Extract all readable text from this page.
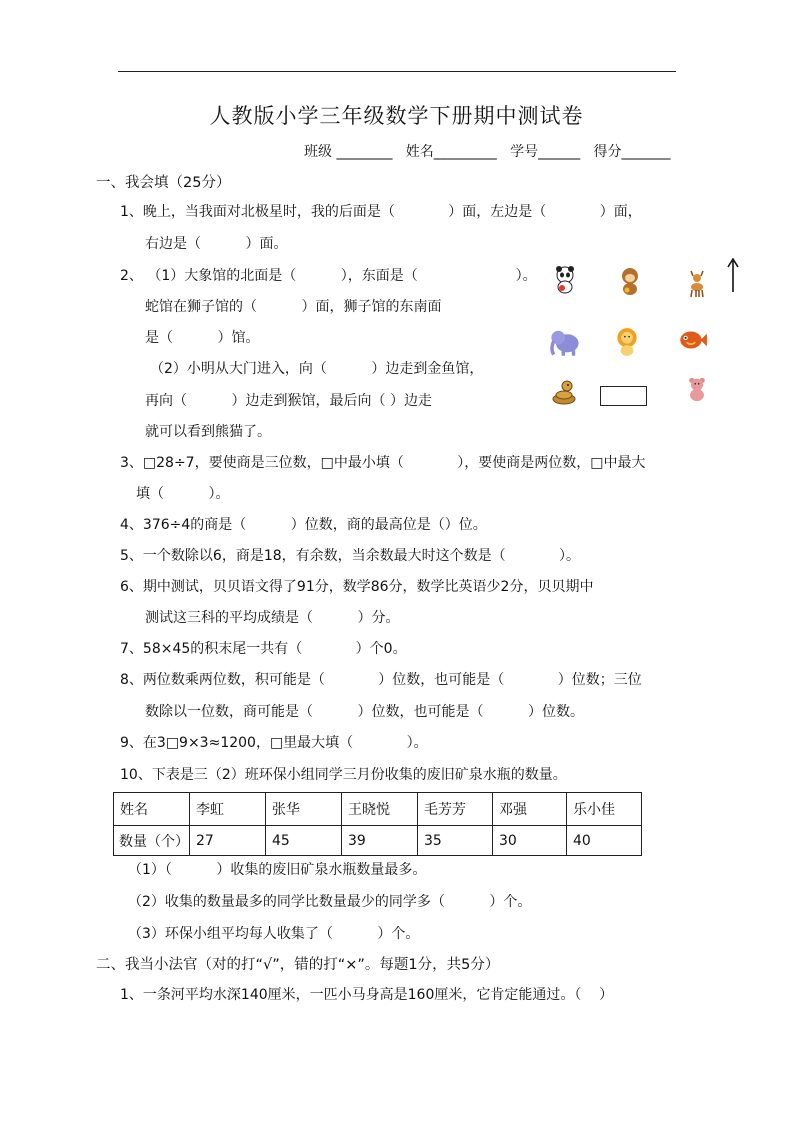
人教版小学三年级数学下册期中测试卷
班级 ________   姓名_________   学号______   得分_______
一、我会填（25分）
1、晚上，当我面对北极星时，我的后面是（            ）面，左边是（            ）面，
右边是（          ）面。
2、 （1）大象馆的北面是（          ），东面是（                      ）。
蛇馆在狮子馆的（          ）面，狮子馆的东南面
是（          ）馆。
（2）小明从大门进入，向（          ）边走到金鱼馆，
再向（          ）边走到猴馆，最后向（ ）边走
就可以看到熊猫了。
3、□28÷7，要使商是三位数，□中最小填（            ），要使商是两位数，□中最大
填（          ）。
4、376÷4的商是（          ）位数，商的最高位是（）位。
5、一个数除以6，商是18，有余数，当余数最大时这个数是（            ）。
6、期中测试，贝贝语文得了91分，数学86分，数学比英语少2分，贝贝期中
测试这三科的平均成绩是（          ）分。
7、58×45的积末尾一共有（            ）个0。
8、两位数乘两位数，积可能是（            ）位数，也可能是（            ）位数；三位
数除以一位数，商可能是（          ）位数，也可能是（          ）位数。
9、在3□9×3≈1200，□里最大填（            ）。
10、下表是三（2）班环保小组同学三月份收集的废旧矿泉水瓶的数量。
姓名	李虹	张华	王晓悦	毛芳芳	邓强	乐小佳
数量（个）	27	45	39	35	30	40
（1）（          ）收集的废旧矿泉水瓶数量最多。
（2）收集的数量最多的同学比数量最少的同学多（          ）个。
（3）环保小组平均每人收集了（          ）个。
二、我当小法官（对的打“√”，错的打“×”。每题1分，共5分）
1、一条河平均水深140厘米，一匹小马身高是160厘米，它肯定能通过。（    ）
